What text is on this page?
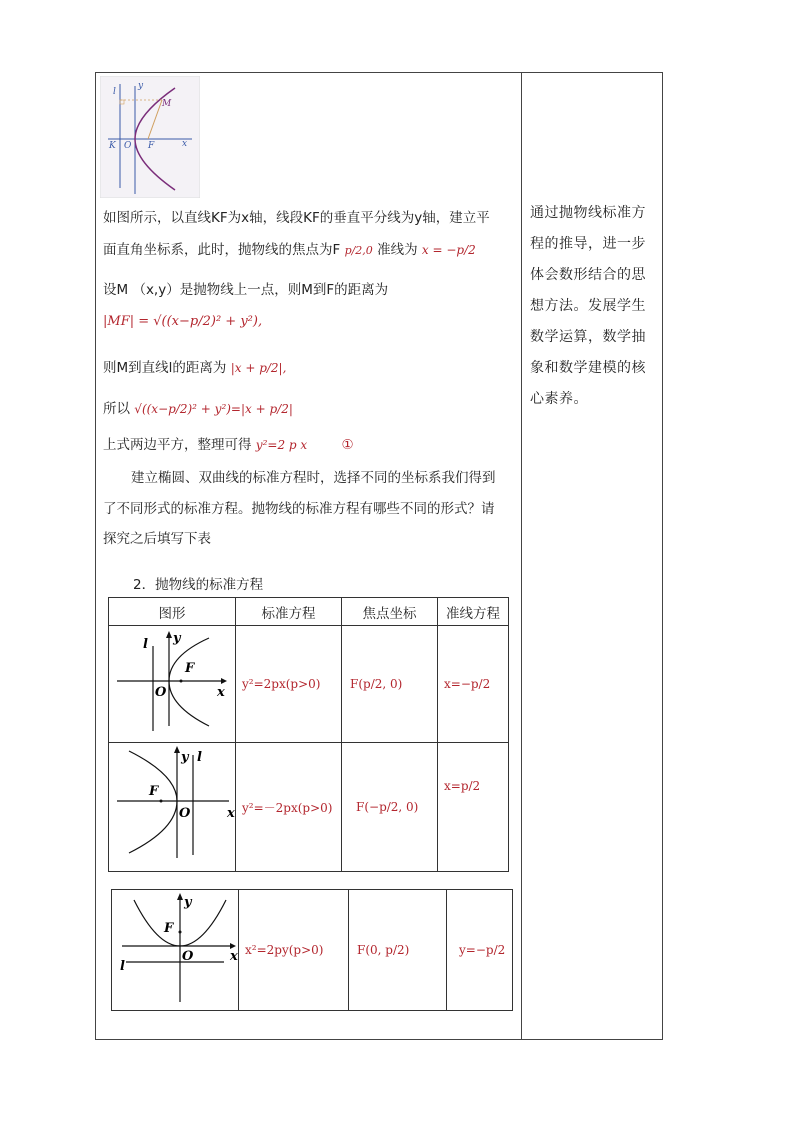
l
y
M
K O F	x
如图所示，以直线KF为x轴，线段KF的垂直平分线为y轴，建立平
面直角坐标系，此时，抛物线的焦点为F p/2,0 准线为 x = −p/2
设M （x,y）是抛物线上一点，则M到F的距离为
|MF| = √((x−p/2)² + y²),
则M到直线l的距离为 |x + p/2|,
所以 √((x−p/2)² + y²)=|x + p/2|
上式两边平方，整理可得 y²=2 p x	①
建立椭圆、双曲线的标准方程时，选择不同的坐标系我们得到
了不同形式的标准方程。抛物线的标准方程有哪些不同的形式？请
探究之后填写下表
2．抛物线的标准方程
图形	标准方程	焦点坐标	准线方程

l y
F
O x	y²=2px(p>0)	F(p/2, 0)	x=−p/2

y l
F
O x	y²=－2px(p>0)	F(−p/2, 0)	x=p/2
y
F
O	x
l
	x²=2py(p>0)	F(0, p/2)	y=−p/2
通过抛物线标准方程的推导，进一步体会数形结合的思想方法。发展学生数学运算，数学抽象和数学建模的核心素养。
